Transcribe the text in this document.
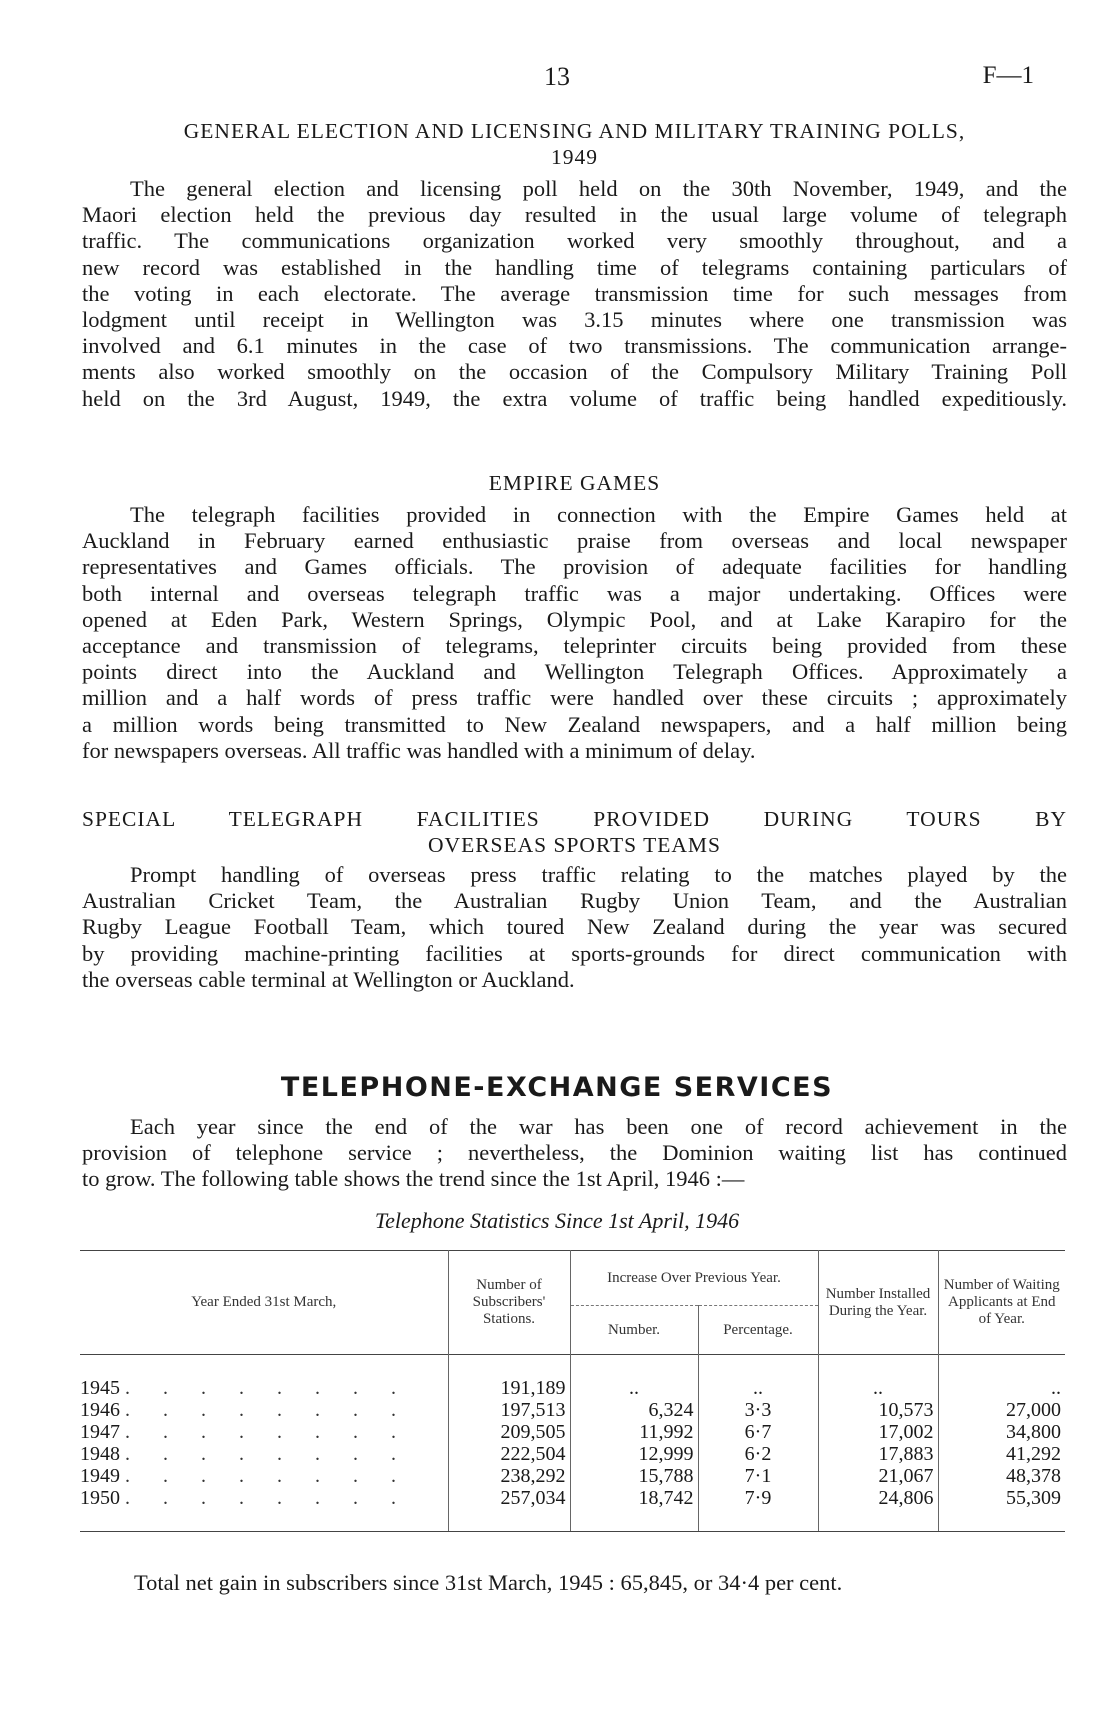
13	F—1
GENERAL ELECTION AND LICENSING AND MILITARY TRAINING POLLS,
1949
The general election and licensing poll held on the 30th November, 1949, and the
Maori election held the previous day resulted in the usual large volume of telegraph
traffic. The communications organization worked very smoothly throughout, and a
new record was established in the handling time of telegrams containing particulars of
the voting in each electorate. The average transmission time for such messages from
lodgment until receipt in Wellington was 3.15 minutes where one transmission was
involved and 6.1 minutes in the case of two transmissions. The communication arrange-
ments also worked smoothly on the occasion of the Compulsory Military Training Poll
held on the 3rd August, 1949, the extra volume of traffic being handled expeditiously.
EMPIRE GAMES
The telegraph facilities provided in connection with the Empire Games held at
Auckland in February earned enthusiastic praise from overseas and local newspaper
representatives and Games officials. The provision of adequate facilities for handling
both internal and overseas telegraph traffic was a major undertaking. Offices were
opened at Eden Park, Western Springs, Olympic Pool, and at Lake Karapiro for the
acceptance and transmission of telegrams, teleprinter circuits being provided from these
points direct into the Auckland and Wellington Telegraph Offices. Approximately a
million and a half words of press traffic were handled over these circuits ; approximately
a million words being transmitted to New Zealand newspapers, and a half million being
for newspapers overseas. All traffic was handled with a minimum of delay.
SPECIAL TELEGRAPH FACILITIES PROVIDED DURING TOURS BY
OVERSEAS SPORTS TEAMS
Prompt handling of overseas press traffic relating to the matches played by the
Australian Cricket Team, the Australian Rugby Union Team, and the Australian
Rugby League Football Team, which toured New Zealand during the year was secured
by providing machine-printing facilities at sports-grounds for direct communication with
the overseas cable terminal at Wellington or Auckland.
TELEPHONE-EXCHANGE SERVICES
Each year since the end of the war has been one of record achievement in the
provision of telephone service ; nevertheless, the Dominion waiting list has continued
to grow. The following table shows the trend since the 1st April, 1946 :—
Telephone Statistics Since 1st April, 1946
Year Ended 31st March,	Number of Subscribers' Stations.	Increase Over Previous Year.		Number Installed During the Year.	Number of Waiting Applicants at End of Year.
		Number.	Percentage.		

1945 . . . . . . . .	191,189	..	..	..	..
1946 . . . . . . . .	197,513	6,324	3·3	10,573	27,000
1947 . . . . . . . .	209,505	11,992	6·7	17,002	34,800
1948 . . . . . . . .	222,504	12,999	6·2	17,883	41,292
1949 . . . . . . . .	238,292	15,788	7·1	21,067	48,378
1950 . . . . . . . .	257,034	18,742	7·9	24,806	55,309

Total net gain in subscribers since 31st March, 1945 : 65,845, or 34·4 per cent.
